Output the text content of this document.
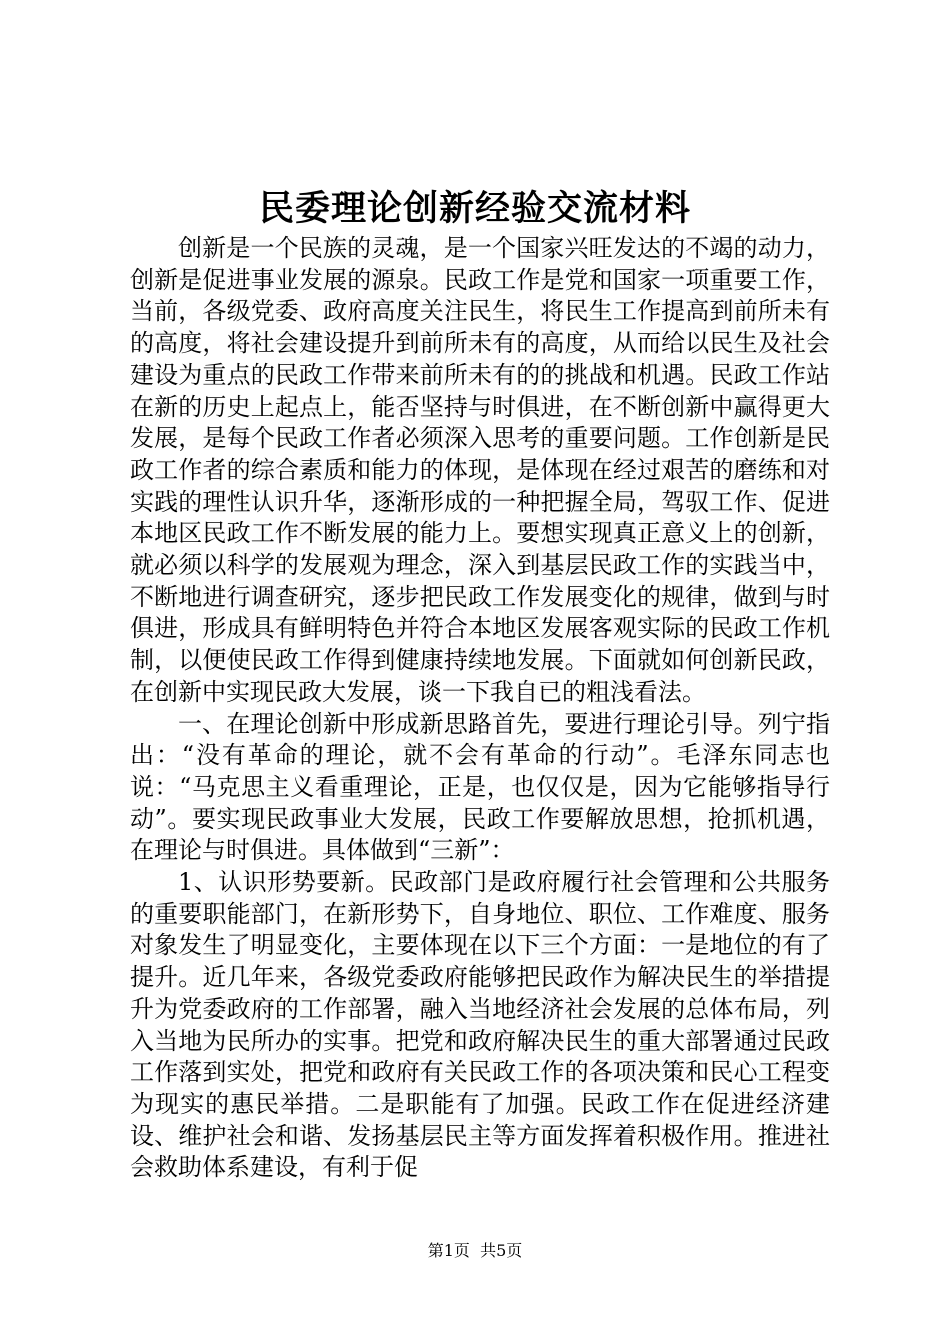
民委理论创新经验交流材料

创新是一个民族的灵魂，是一个国家兴旺发达的不竭的动力，创新是促进事业发展的源泉。民政工作是党和国家一项重要工作，当前，各级党委、政府高度关注民生，将民生工作提高到前所未有的高度，将社会建设提升到前所未有的高度，从而给以民生及社会建设为重点的民政工作带来前所未有的的挑战和机遇。民政工作站在新的历史上起点上，能否坚持与时俱进，在不断创新中赢得更大发展，是每个民政工作者必须深入思考的重要问题。工作创新是民政工作者的综合素质和能力的体现，是体现在经过艰苦的磨练和对实践的理性认识升华，逐渐形成的一种把握全局，驾驭工作、促进本地区民政工作不断发展的能力上。要想实现真正意义上的创新，就必须以科学的发展观为理念，深入到基层民政工作的实践当中，不断地进行调查研究，逐步把民政工作发展变化的规律，做到与时俱进，形成具有鲜明特色并符合本地区发展客观实际的民政工作机制，以便使民政工作得到健康持续地发展。下面就如何创新民政，在创新中实现民政大发展，谈一下我自已的粗浅看法。

一、在理论创新中形成新思路首先，要进行理论引导。列宁指出：“没有革命的理论，就不会有革命的行动”。毛泽东同志也说：“马克思主义看重理论，正是，也仅仅是，因为它能够指导行动”。要实现民政事业大发展，民政工作要解放思想，抢抓机遇，在理论与时俱进。具体做到“三新”：

1、认识形势要新。民政部门是政府履行社会管理和公共服务的重要职能部门，在新形势下，自身地位、职位、工作难度、服务对象发生了明显变化，主要体现在以下三个方面：一是地位的有了提升。近几年来，各级党委政府能够把民政作为解决民生的举措提升为党委政府的工作部署，融入当地经济社会发展的总体布局，列入当地为民所办的实事。把党和政府解决民生的重大部署通过民政工作落到实处，把党和政府有关民政工作的各项决策和民心工程变为现实的惠民举措。二是职能有了加强。民政工作在促进经济建设、维护社会和谐、发扬基层民主等方面发挥着积极作用。推进社会救助体系建设，有利于促

第1页 共5页
